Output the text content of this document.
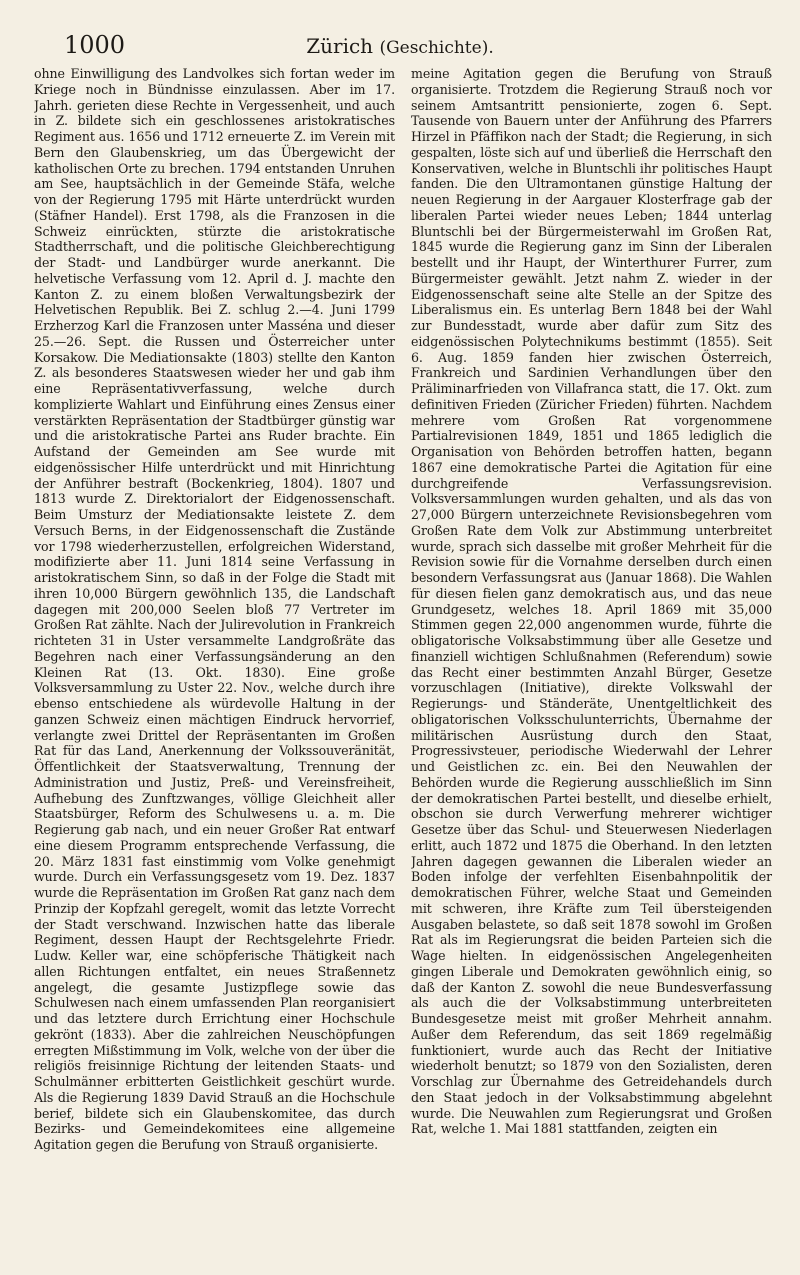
1000	Zürich (Geschichte).

ohne Einwilligung des Landvolkes sich fortan weder im Kriege noch in Bündnisse einzulassen. Aber im 17. Jahrh. gerieten diese Rechte in Vergessenheit, und auch in Z. bildete sich ein geschlossenes aristokratisches Regiment aus. 1656 und 1712 erneuerte Z. im Verein mit Bern den Glaubenskrieg, um das Übergewicht der katholischen Orte zu brechen. 1794 entstanden Unruhen am See, hauptsächlich in der Gemeinde Stäfa, welche von der Regierung 1795 mit Härte unterdrückt wurden (Stäfner Handel). Erst 1798, als die Franzosen in die Schweiz einrückten, stürzte die aristokratische Stadtherrschaft, und die politische Gleichberechtigung der Stadt- und Landbürger wurde anerkannt. Die helvetische Verfassung vom 12. April d. J. machte den Kanton Z. zu einem bloßen Verwaltungsbezirk der Helvetischen Republik. Bei Z. schlug 2.—4. Juni 1799 Erzherzog Karl die Franzosen unter Masséna und dieser 25.—26. Sept. die Russen und Österreicher unter Korsakow. Die Mediationsakte (1803) stellte den Kanton Z. als besonderes Staatswesen wieder her und gab ihm eine Repräsentativverfassung, welche durch komplizierte Wahlart und Einführung eines Zensus einer verstärkten Repräsentation der Stadtbürger günstig war und die aristokratische Partei ans Ruder brachte. Ein Aufstand der Gemeinden am See wurde mit eidgenössischer Hilfe unterdrückt und mit Hinrichtung der Anführer bestraft (Bockenkrieg, 1804). 1807 und 1813 wurde Z. Direktorialort der Eidgenossenschaft. Beim Umsturz der Mediationsakte leistete Z. dem Versuch Berns, in der Eidgenossenschaft die Zustände vor 1798 wiederherzustellen, erfolgreichen Widerstand, modifizierte aber 11. Juni 1814 seine Verfassung in aristokratischem Sinn, so daß in der Folge die Stadt mit ihren 10,000 Bürgern gewöhnlich 135, die Landschaft dagegen mit 200,000 Seelen bloß 77 Vertreter im Großen Rat zählte. Nach der Julirevolution in Frankreich richteten 31 in Uster versammelte Landgroßräte das Begehren nach einer Verfassungsänderung an den Kleinen Rat (13. Okt. 1830). Eine große Volksversammlung zu Uster 22. Nov., welche durch ihre ebenso entschiedene als würdevolle Haltung in der ganzen Schweiz einen mächtigen Eindruck hervorrief, verlangte zwei Drittel der Repräsentanten im Großen Rat für das Land, Anerkennung der Volkssouveränität, Öffentlichkeit der Staatsverwaltung, Trennung der Administration und Justiz, Preß- und Vereinsfreiheit, Aufhebung des Zunftzwanges, völlige Gleichheit aller Staatsbürger, Reform des Schulwesens u. a. m. Die Regierung gab nach, und ein neuer Großer Rat entwarf eine diesem Programm entsprechende Verfassung, die 20. März 1831 fast einstimmig vom Volke genehmigt wurde. Durch ein Verfassungsgesetz vom 19. Dez. 1837 wurde die Repräsentation im Großen Rat ganz nach dem Prinzip der Kopfzahl geregelt, womit das letzte Vorrecht der Stadt verschwand. Inzwischen hatte das liberale Regiment, dessen Haupt der Rechtsgelehrte Friedr. Ludw. Keller war, eine schöpferische Thätigkeit nach allen Richtungen entfaltet, ein neues Straßennetz angelegt, die gesamte Justizpflege sowie das Schulwesen nach einem umfassenden Plan reorganisiert und das letztere durch Errichtung einer Hochschule gekrönt (1833). Aber die zahlreichen Neuschöpfungen erregten Mißstimmung im Volk, welche von der über die religiös freisinnige Richtung der leitenden Staats- und Schulmänner erbitterten Geistlichkeit geschürt wurde. Als die Regierung 1839 David Strauß an die Hochschule berief, bildete sich ein Glaubenskomitee, das durch Bezirks- und Gemeindekomitees eine allgemeine Agitation gegen die Berufung von Strauß organisierte.

meine Agitation gegen die Berufung von Strauß organisierte. Trotzdem die Regierung Strauß noch vor seinem Amtsantritt pensionierte, zogen 6. Sept. Tausende von Bauern unter der Anführung des Pfarrers Hirzel in Pfäffikon nach der Stadt; die Regierung, in sich gespalten, löste sich auf und überließ die Herrschaft den Konservativen, welche in Bluntschli ihr politisches Haupt fanden. Die den Ultramontanen günstige Haltung der neuen Regierung in der Aargauer Klosterfrage gab der liberalen Partei wieder neues Leben; 1844 unterlag Bluntschli bei der Bürgermeisterwahl im Großen Rat, 1845 wurde die Regierung ganz im Sinn der Liberalen bestellt und ihr Haupt, der Winterthurer Furrer, zum Bürgermeister gewählt. Jetzt nahm Z. wieder in der Eidgenossenschaft seine alte Stelle an der Spitze des Liberalismus ein. Es unterlag Bern 1848 bei der Wahl zur Bundesstadt, wurde aber dafür zum Sitz des eidgenössischen Polytechnikums bestimmt (1855). Seit 6. Aug. 1859 fanden hier zwischen Österreich, Frankreich und Sardinien Verhandlungen über den Präliminarfrieden von Villafranca statt, die 17. Okt. zum definitiven Frieden (Züricher Frieden) führten. Nachdem mehrere vom Großen Rat vorgenommene Partialrevisionen 1849, 1851 und 1865 lediglich die Organisation von Behörden betroffen hatten, begann 1867 eine demokratische Partei die Agitation für eine durchgreifende Verfassungsrevision. Volksversammlungen wurden gehalten, und als das von 27,000 Bürgern unterzeichnete Revisionsbegehren vom Großen Rate dem Volk zur Abstimmung unterbreitet wurde, sprach sich dasselbe mit großer Mehrheit für die Revision sowie für die Vornahme derselben durch einen besondern Verfassungsrat aus (Januar 1868). Die Wahlen für diesen fielen ganz demokratisch aus, und das neue Grundgesetz, welches 18. April 1869 mit 35,000 Stimmen gegen 22,000 angenommen wurde, führte die obligatorische Volksabstimmung über alle Gesetze und finanziell wichtigen Schlußnahmen (Referendum) sowie das Recht einer bestimmten Anzahl Bürger, Gesetze vorzuschlagen (Initiative), direkte Volkswahl der Regierungs- und Ständeräte, Unentgeltlichkeit des obligatorischen Volksschulunterrichts, Übernahme der militärischen Ausrüstung durch den Staat, Progressivsteuer, periodische Wiederwahl der Lehrer und Geistlichen zc. ein. Bei den Neuwahlen der Behörden wurde die Regierung ausschließlich im Sinn der demokratischen Partei bestellt, und dieselbe erhielt, obschon sie durch Verwerfung mehrerer wichtiger Gesetze über das Schul- und Steuerwesen Niederlagen erlitt, auch 1872 und 1875 die Oberhand. In den letzten Jahren dagegen gewannen die Liberalen wieder an Boden infolge der verfehlten Eisenbahnpolitik der demokratischen Führer, welche Staat und Gemeinden mit schweren, ihre Kräfte zum Teil übersteigenden Ausgaben belastete, so daß seit 1878 sowohl im Großen Rat als im Regierungsrat die beiden Parteien sich die Wage hielten. In eidgenössischen Angelegenheiten gingen Liberale und Demokraten gewöhnlich einig, so daß der Kanton Z. sowohl die neue Bundesverfassung als auch die der Volksabstimmung unterbreiteten Bundesgesetze meist mit großer Mehrheit annahm. Außer dem Referendum, das seit 1869 regelmäßig funktioniert, wurde auch das Recht der Initiative wiederholt benutzt; so 1879 von den Sozialisten, deren Vorschlag zur Übernahme des Getreidehandels durch den Staat jedoch in der Volksabstimmung abgelehnt wurde. Die Neuwahlen zum Regierungsrat und Großen Rat, welche 1. Mai 1881 stattfanden, zeigten ein
